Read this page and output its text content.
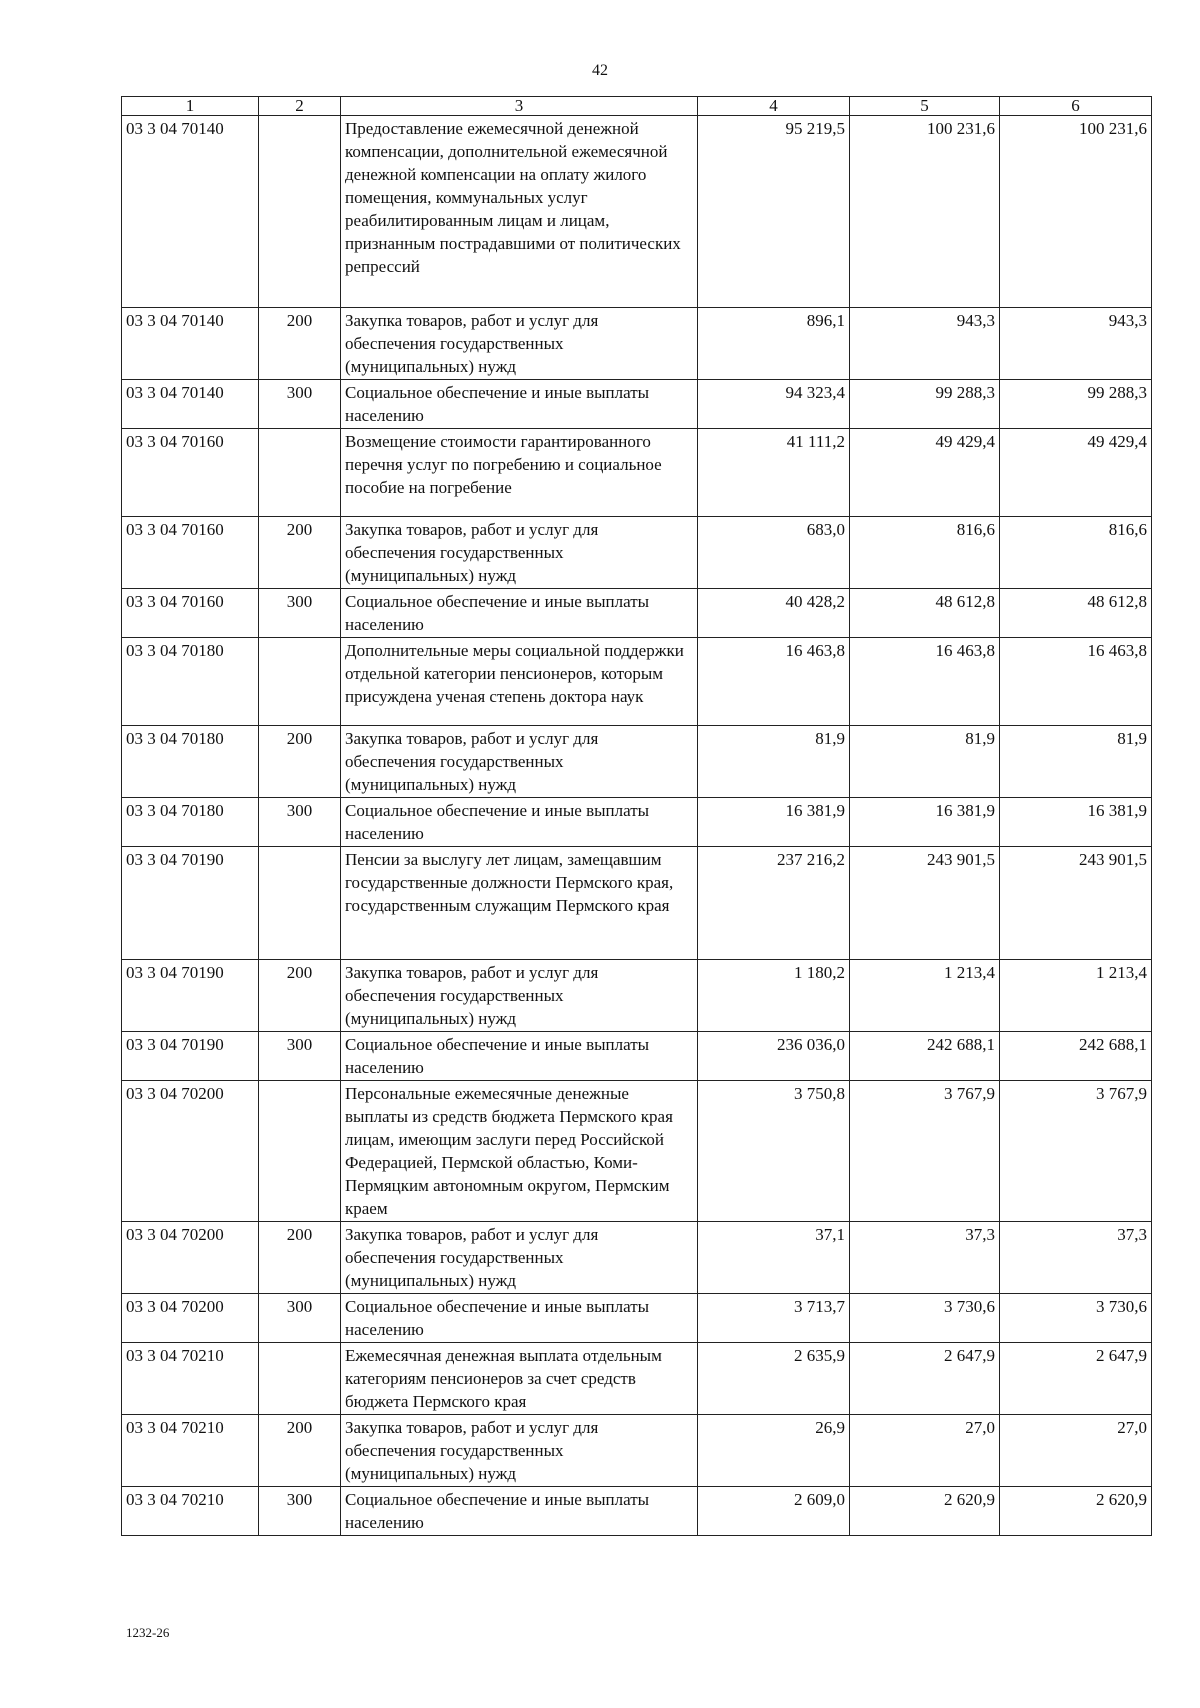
42
1	2	3	4	5	6
03 3 04 70140		Предоставление ежемесячной денежной компенсации, дополнительной ежемесячной денежной компенсации на оплату жилого помещения, коммунальных услуг реабилитированным лицам и лицам, признанным пострадавшими от политических репрессий	95 219,5	100 231,6	100 231,6
03 3 04 70140	200	Закупка товаров, работ и услуг для обеспечения государственных (муниципальных) нужд	896,1	943,3	943,3
03 3 04 70140	300	Социальное обеспечение и иные выплаты населению	94 323,4	99 288,3	99 288,3
03 3 04 70160		Возмещение стоимости гарантированного перечня услуг по погребению и социальное пособие на погребение	41 111,2	49 429,4	49 429,4
03 3 04 70160	200	Закупка товаров, работ и услуг для обеспечения государственных (муниципальных) нужд	683,0	816,6	816,6
03 3 04 70160	300	Социальное обеспечение и иные выплаты населению	40 428,2	48 612,8	48 612,8
03 3 04 70180		Дополнительные меры социальной поддержки отдельной категории пенсионеров, которым присуждена ученая степень доктора наук	16 463,8	16 463,8	16 463,8
03 3 04 70180	200	Закупка товаров, работ и услуг для обеспечения государственных (муниципальных) нужд	81,9	81,9	81,9
03 3 04 70180	300	Социальное обеспечение и иные выплаты населению	16 381,9	16 381,9	16 381,9
03 3 04 70190		Пенсии за выслугу лет лицам, замещавшим государственные должности Пермского края, государственным служащим Пермского края	237 216,2	243 901,5	243 901,5
03 3 04 70190	200	Закупка товаров, работ и услуг для обеспечения государственных (муниципальных) нужд	1 180,2	1 213,4	1 213,4
03 3 04 70190	300	Социальное обеспечение и иные выплаты населению	236 036,0	242 688,1	242 688,1
03 3 04 70200		Персональные ежемесячные денежные выплаты из средств бюджета Пермского края лицам, имеющим заслуги перед Российской Федерацией, Пермской областью, Коми-Пермяцким автономным округом, Пермским краем	3 750,8	3 767,9	3 767,9
03 3 04 70200	200	Закупка товаров, работ и услуг для обеспечения государственных (муниципальных) нужд	37,1	37,3	37,3
03 3 04 70200	300	Социальное обеспечение и иные выплаты населению	3 713,7	3 730,6	3 730,6
03 3 04 70210		Ежемесячная денежная выплата отдельным категориям пенсионеров за счет средств бюджета Пермского края	2 635,9	2 647,9	2 647,9
03 3 04 70210	200	Закупка товаров, работ и услуг для обеспечения государственных (муниципальных) нужд	26,9	27,0	27,0
03 3 04 70210	300	Социальное обеспечение и иные выплаты населению	2 609,0	2 620,9	2 620,9
1232-26
